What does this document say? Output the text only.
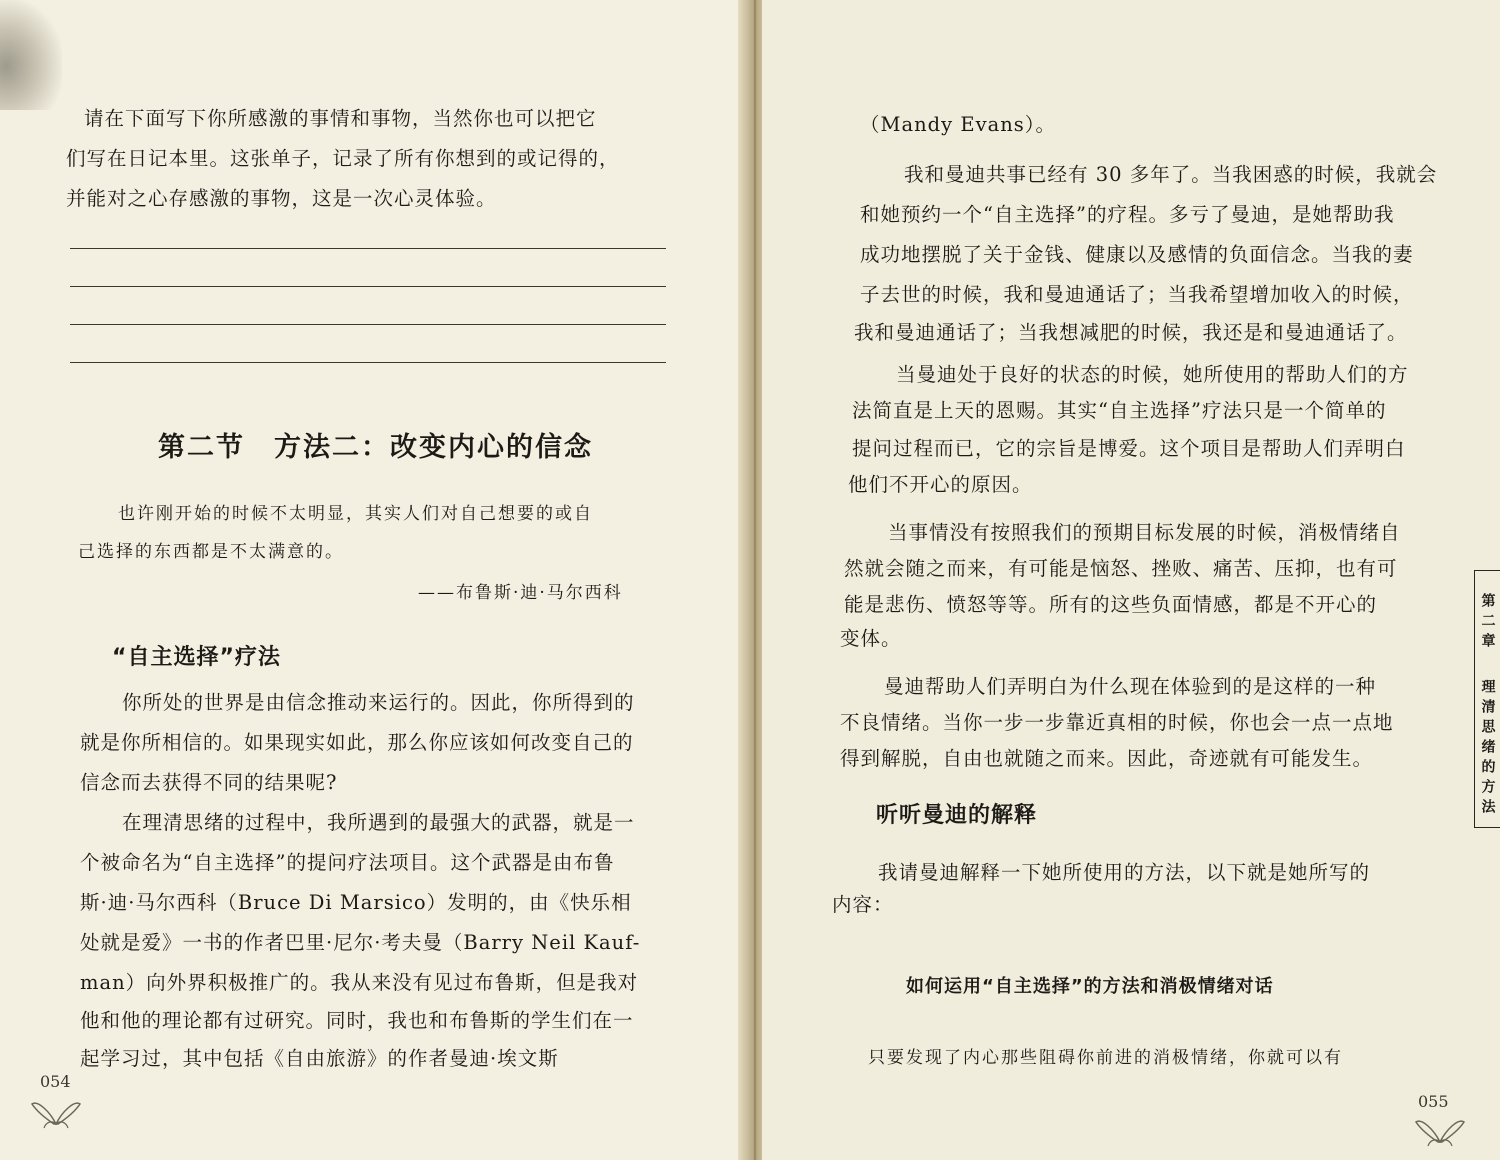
请在下面写下你所感激的事情和事物，当然你也可以把它

们写在日记本里。这张单子，记录了所有你想到的或记得的，

并能对之心存感激的事物，这是一次心灵体验。

第二节　方法二：改变内心的信念

也许刚开始的时候不太明显，其实人们对自己想要的或自

己选择的东西都是不太满意的。

——布鲁斯·迪·马尔西科
“自主选择”疗法

你所处的世界是由信念推动来运行的。因此，你所得到的

就是你所相信的。如果现实如此，那么你应该如何改变自己的

信念而去获得不同的结果呢?

在理清思绪的过程中，我所遇到的最强大的武器，就是一

个被命名为“自主选择”的提问疗法项目。这个武器是由布鲁

斯·迪·马尔西科（Bruce Di Marsico）发明的，由《快乐相

处就是爱》一书的作者巴里·尼尔·考夫曼（Barry Neil Kauf-

man）向外界积极推广的。我从来没有见过布鲁斯，但是我对

他和他的理论都有过研究。同时，我也和布鲁斯的学生们在一

起学习过，其中包括《自由旅游》的作者曼迪·埃文斯

054

（Mandy Evans）。

我和曼迪共事已经有 30 多年了。当我困惑的时候，我就会

和她预约一个“自主选择”的疗程。多亏了曼迪，是她帮助我

成功地摆脱了关于金钱、健康以及感情的负面信念。当我的妻

子去世的时候，我和曼迪通话了；当我希望增加收入的时候，

我和曼迪通话了；当我想减肥的时候，我还是和曼迪通话了。

当曼迪处于良好的状态的时候，她所使用的帮助人们的方

法简直是上天的恩赐。其实“自主选择”疗法只是一个简单的

提问过程而已，它的宗旨是博爱。这个项目是帮助人们弄明白

他们不开心的原因。

当事情没有按照我们的预期目标发展的时候，消极情绪自

然就会随之而来，有可能是恼怒、挫败、痛苦、压抑，也有可

能是悲伤、愤怒等等。所有的这些负面情感，都是不开心的

变体。

曼迪帮助人们弄明白为什么现在体验到的是这样的一种

不良情绪。当你一步一步靠近真相的时候，你也会一点一点地

得到解脱，自由也就随之而来。因此，奇迹就有可能发生。

听听曼迪的解释

我请曼迪解释一下她所使用的方法，以下就是她所写的

内容：

如何运用“自主选择”的方法和消极情绪对话

只要发现了内心那些阻碍你前进的消极情绪，你就可以有

055
第二章
理清思绪的方法
